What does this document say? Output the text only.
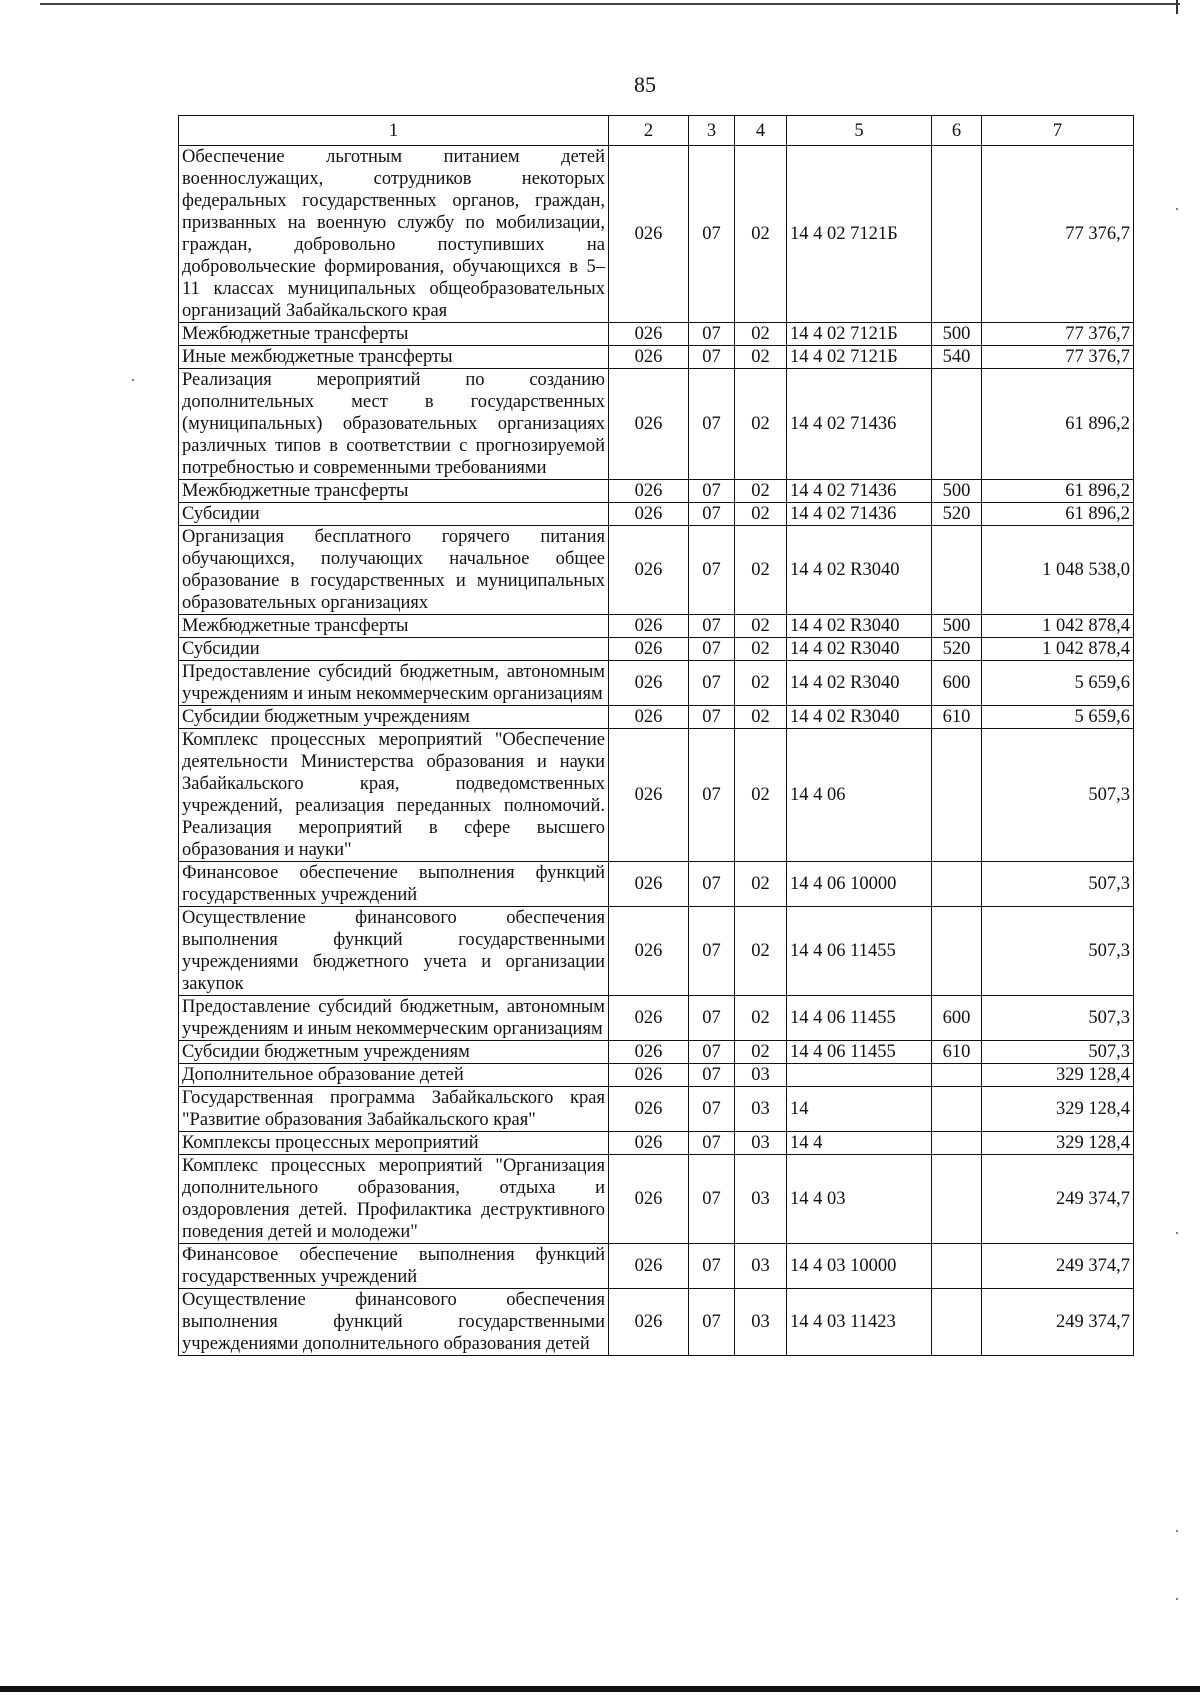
85
1	2	3	4	5	6	7
Обеспечение льготным питанием детей военнослужащих, сотрудников некоторых федеральных государственных органов, граждан, призванных на военную службу по мобилизации, граждан, добровольно поступивших на добровольческие формирования, обучающихся в 5–11 классах муниципальных общеобразовательных организаций Забайкальского края	026	07	02	14 4 02 7121Б		77 376,7
Межбюджетные трансферты	026	07	02	14 4 02 7121Б	500	77 376,7
Иные межбюджетные трансферты	026	07	02	14 4 02 7121Б	540	77 376,7
Реализация мероприятий по созданию дополнительных мест в государственных (муниципальных) образовательных организациях различных типов в соответствии с прогнозируемой потребностью и современными требованиями	026	07	02	14 4 02 71436		61 896,2
Межбюджетные трансферты	026	07	02	14 4 02 71436	500	61 896,2
Субсидии	026	07	02	14 4 02 71436	520	61 896,2
Организация бесплатного горячего питания обучающихся, получающих начальное общее образование в государственных и муниципальных образовательных организациях	026	07	02	14 4 02 R3040		1 048 538,0
Межбюджетные трансферты	026	07	02	14 4 02 R3040	500	1 042 878,4
Субсидии	026	07	02	14 4 02 R3040	520	1 042 878,4
Предоставление субсидий бюджетным, автономным учреждениям и иным некоммерческим организациям	026	07	02	14 4 02 R3040	600	5 659,6
Субсидии бюджетным учреждениям	026	07	02	14 4 02 R3040	610	5 659,6
Комплекс процессных мероприятий "Обеспечение деятельности Министерства образования и науки Забайкальского края, подведомственных учреждений, реализация переданных полномочий. Реализация мероприятий в сфере высшего образования и науки"	026	07	02	14 4 06		507,3
Финансовое обеспечение выполнения функций государственных учреждений	026	07	02	14 4 06 10000		507,3
Осуществление финансового обеспечения выполнения функций государственными учреждениями бюджетного учета и организации закупок	026	07	02	14 4 06 11455		507,3
Предоставление субсидий бюджетным, автономным учреждениям и иным некоммерческим организациям	026	07	02	14 4 06 11455	600	507,3
Субсидии бюджетным учреждениям	026	07	02	14 4 06 11455	610	507,3
Дополнительное образование детей	026	07	03			329 128,4
Государственная программа Забайкальского края "Развитие образования Забайкальского края"	026	07	03	14		329 128,4
Комплексы процессных мероприятий	026	07	03	14 4		329 128,4
Комплекс процессных мероприятий "Организация дополнительного образования, отдыха и оздоровления детей. Профилактика деструктивного поведения детей и молодежи"	026	07	03	14 4 03		249 374,7
Финансовое обеспечение выполнения функций государственных учреждений	026	07	03	14 4 03 10000		249 374,7
Осуществление финансового обеспечения выполнения функций государственными учреждениями дополнительного образования детей	026	07	03	14 4 03 11423		249 374,7
